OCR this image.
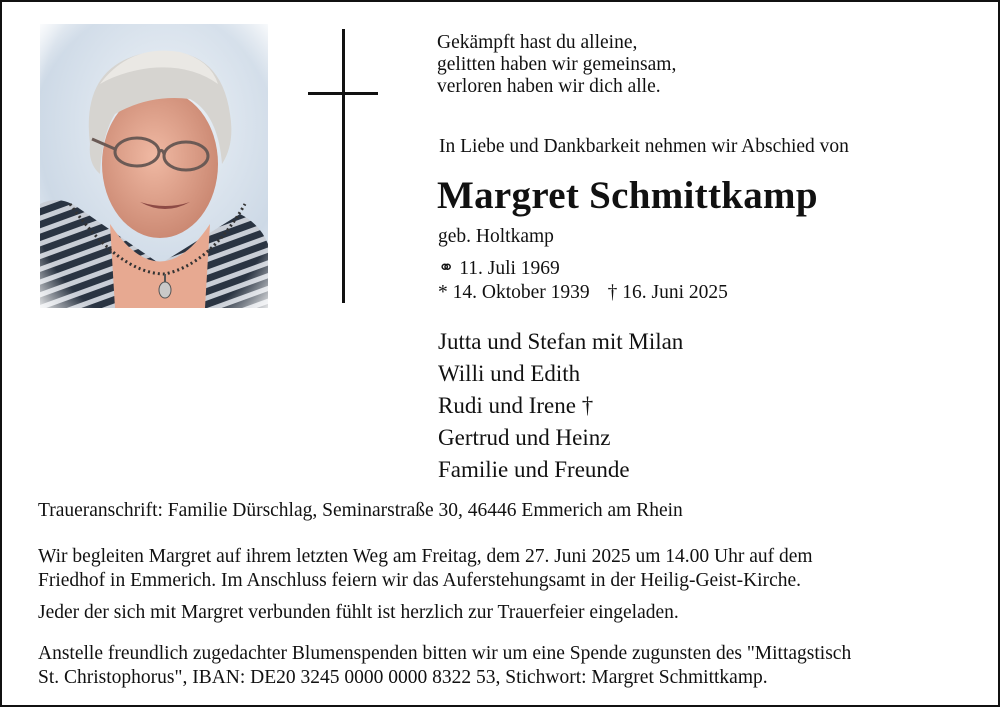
Gekämpft hast du alleine,
gelitten haben wir gemeinsam,
verloren haben wir dich alle.
In Liebe und Dankbarkeit nehmen wir Abschied von
Margret Schmittkamp
geb. Holtkamp
⚭ 11. Juli 1969
* 14. Oktober 1939 † 16. Juni 2025
Jutta und Stefan mit Milan
Willi und Edith
Rudi und Irene †
Gertrud und Heinz
Familie und Freunde
Traueranschrift: Familie Dürschlag, Seminarstraße 30, 46446 Emmerich am Rhein
Wir begleiten Margret auf ihrem letzten Weg am Freitag, dem 27. Juni 2025 um 14.00 Uhr auf dem
Friedhof in Emmerich. Im Anschluss feiern wir das Auferstehungsamt in der Heilig-Geist-Kirche.
Jeder der sich mit Margret verbunden fühlt ist herzlich zur Trauerfeier eingeladen.
Anstelle freundlich zugedachter Blumenspenden bitten wir um eine Spende zugunsten des "Mittagstisch
St. Christophorus", IBAN: DE20 3245 0000 0000 8322 53, Stichwort: Margret Schmittkamp.
